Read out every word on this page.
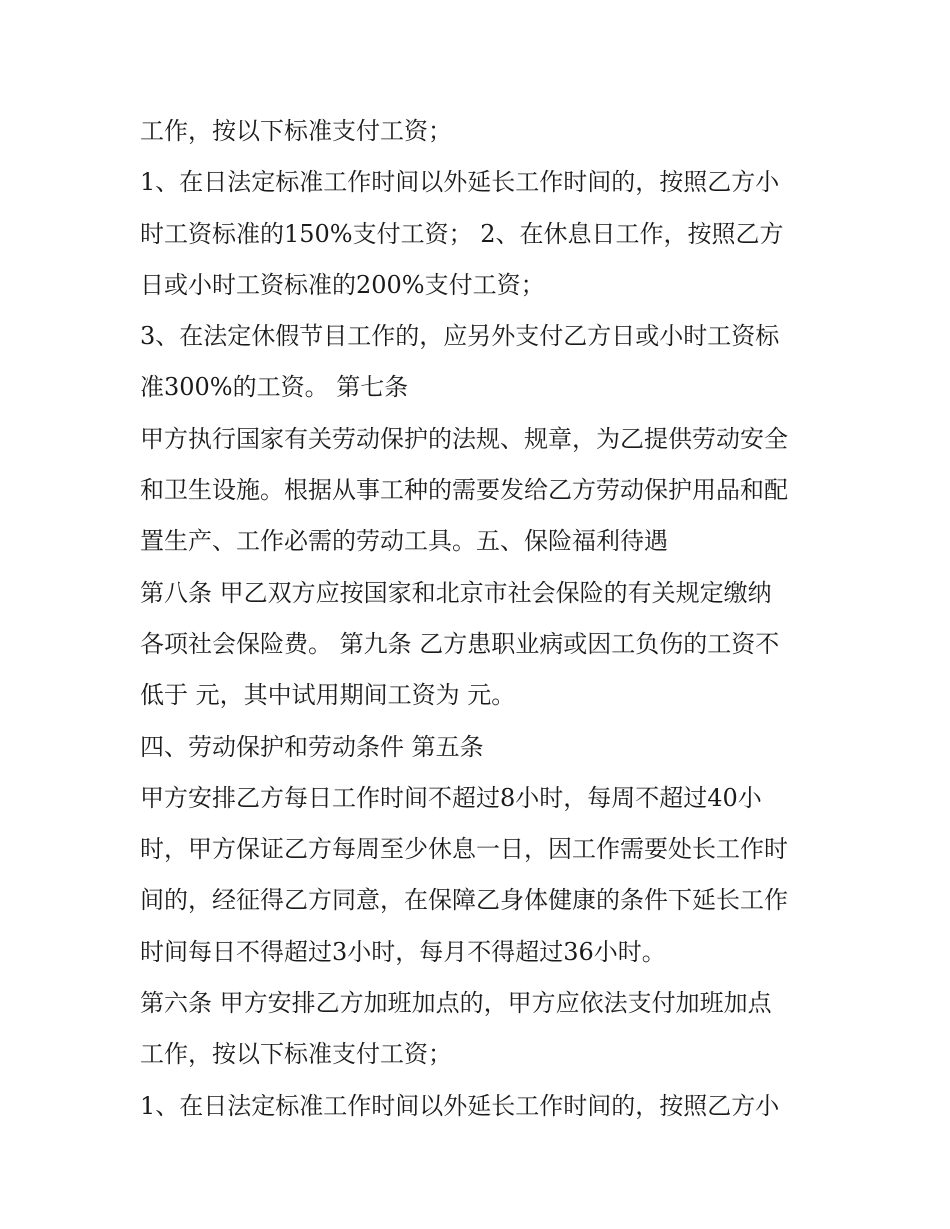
工作，按以下标准支付工资；
1、在日法定标准工作时间以外延长工作时间的，按照乙方小
时工资标准的150%支付工资； 2、在休息日工作，按照乙方
日或小时工资标准的200%支付工资；
3、在法定休假节目工作的，应另外支付乙方日或小时工资标
准300%的工资。 第七条
甲方执行国家有关劳动保护的法规、规章，为乙提供劳动安全
和卫生设施。根据从事工种的需要发给乙方劳动保护用品和配
置生产、工作必需的劳动工具。五、保险福利待遇
第八条 甲乙双方应按国家和北京市社会保险的有关规定缴纳
各项社会保险费。 第九条 乙方患职业病或因工负伤的工资不
低于 元，其中试用期间工资为 元。
四、劳动保护和劳动条件 第五条
甲方安排乙方每日工作时间不超过8小时，每周不超过40小
时，甲方保证乙方每周至少休息一日，因工作需要处长工作时
间的，经征得乙方同意，在保障乙身体健康的条件下延长工作
时间每日不得超过3小时，每月不得超过36小时。
第六条 甲方安排乙方加班加点的，甲方应依法支付加班加点
工作，按以下标准支付工资；
1、在日法定标准工作时间以外延长工作时间的，按照乙方小
